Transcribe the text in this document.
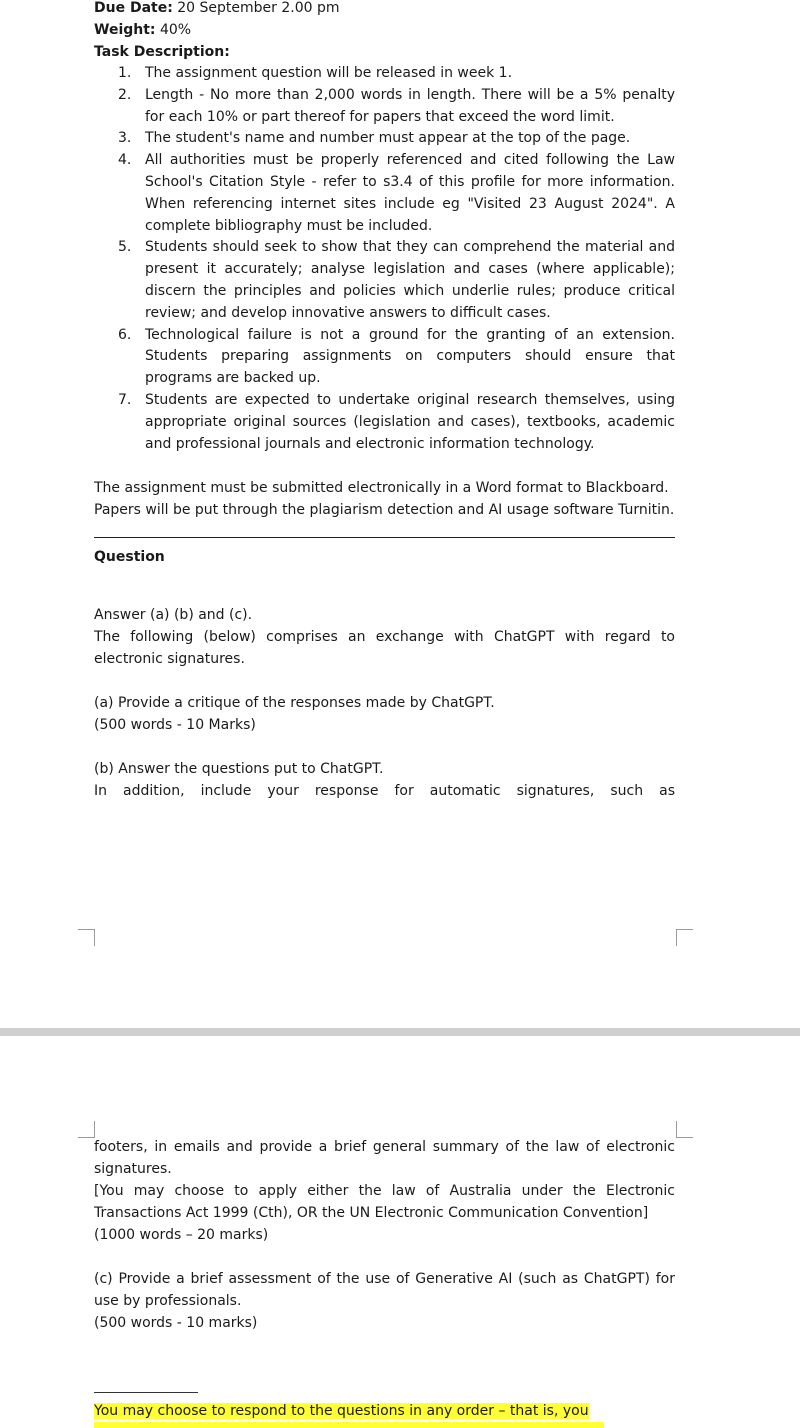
Due Date: 20 September 2.00 pm

Weight: 40%

Task Description:

1. The assignment question will be released in week 1.
2. Length - No more than 2,000 words in length. There will be a 5% penalty for each 10% or part thereof for papers that exceed the word limit.
3. The student's name and number must appear at the top of the page.
4. All authorities must be properly referenced and cited following the Law School's Citation Style - refer to s3.4 of this profile for more information. When referencing internet sites include eg "Visited 23 August 2024". A complete bibliography must be included.
5. Students should seek to show that they can comprehend the material and present it accurately; analyse legislation and cases (where applicable); discern the principles and policies which underlie rules; produce critical review; and develop innovative answers to difficult cases.
6. Technological failure is not a ground for the granting of an extension. Students preparing assignments on computers should ensure that programs are backed up.
7. Students are expected to undertake original research themselves, using appropriate original sources (legislation and cases), textbooks, academic and professional journals and electronic information technology.

The assignment must be submitted electronically in a Word format to Blackboard.

Papers will be put through the plagiarism detection and AI usage software Turnitin.

Question

Answer (a) (b) and (c).

The following (below) comprises an exchange with ChatGPT with regard to electronic signatures.

(a) Provide a critique of the responses made by ChatGPT.

(500 words - 10 Marks)

(b) Answer the questions put to ChatGPT.

In addition, include your response for automatic signatures, such as

footers, in emails and provide a brief general summary of the law of electronic signatures.

[You may choose to apply either the law of Australia under the Electronic Transactions Act 1999 (Cth), OR the UN Electronic Communication Convention]

(1000 words – 20 marks)

(c) Provide a brief assessment of the use of Generative AI (such as ChatGPT) for use by professionals.

(500 words - 10 marks)

You may choose to respond to the questions in any order – that is, you
